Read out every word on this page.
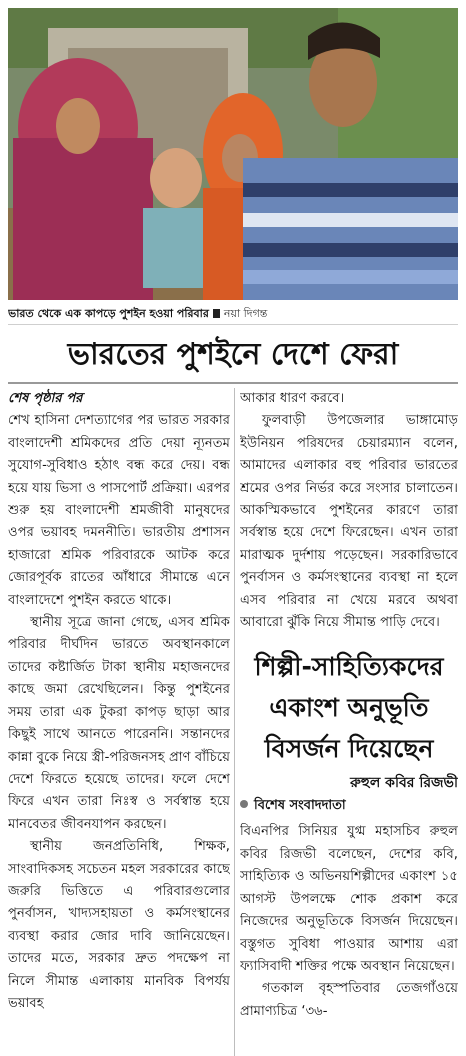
ভারত থেকে এক কাপড়ে পুশইন হওয়া পরিবার নয়া দিগন্ত
ভারতের পুশইনে দেশে ফেরা

শেষ পৃষ্ঠার পর

শেখ হাসিনা দেশত্যাগের পর ভারত সরকার বাংলাদেশী শ্রমিকদের প্রতি দেয়া ন্যূনতম সুযোগ-সুবিধাও হঠাৎ বন্ধ করে দেয়। বন্ধ হয়ে যায় ভিসা ও পাসপোর্ট প্রক্রিয়া। এরপর শুরু হয় বাংলাদেশী শ্রমজীবী মানুষদের ওপর ভয়াবহ দমননীতি। ভারতীয় প্রশাসন হাজারো শ্রমিক পরিবারকে আটক করে জোরপূর্বক রাতের আঁধারে সীমান্তে এনে বাংলাদেশে পুশইন করতে থাকে।

স্থানীয় সূত্রে জানা গেছে, এসব শ্রমিক পরিবার দীর্ঘদিন ভারতে অবস্থানকালে তাদের কষ্টার্জিত টাকা স্থানীয় মহাজনদের কাছে জমা রেখেছিলেন। কিন্তু পুশইনের সময় তারা এক টুকরা কাপড় ছাড়া আর কিছুই সাথে আনতে পারেননি। সন্তানদের কান্না বুকে নিয়ে স্ত্রী-পরিজনসহ প্রাণ বাঁচিয়ে দেশে ফিরতে হয়েছে তাদের। ফলে দেশে ফিরে এখন তারা নিঃস্ব ও সর্বস্বান্ত হয়ে মানবেতর জীবনযাপন করছেন।

স্থানীয় জনপ্রতিনিধি, শিক্ষক, সাংবাদিকসহ সচেতন মহল সরকারের কাছে জরুরি ভিত্তিতে এ পরিবারগুলোর পুনর্বাসন, খাদ্যসহায়তা ও কর্মসংস্থানের ব্যবস্থা করার জোর দাবি জানিয়েছেন। তাদের মতে, সরকার দ্রুত পদক্ষেপ না নিলে সীমান্ত এলাকায় মানবিক বিপর্যয় ভয়াবহ

আকার ধারণ করবে।

ফুলবাড়ী উপজেলার ভাঙ্গামোড় ইউনিয়ন পরিষদের চেয়ারম্যান বলেন, আমাদের এলাকার বহু পরিবার ভারতের শ্রমের ওপর নির্ভর করে সংসার চালাতেন। আকস্মিকভাবে পুশইনের কারণে তারা সর্বস্বান্ত হয়ে দেশে ফিরেছেন। এখন তারা মারাত্মক দুর্দশায় পড়েছেন। সরকারিভাবে পুনর্বাসন ও কর্মসংস্থানের ব্যবস্থা না হলে এসব পরিবার না খেয়ে মরবে অথবা আবারো ঝুঁকি নিয়ে সীমান্ত পাড়ি দেবে।

শিল্পী-সাহিত্যিকদের একাংশ অনুভূতি বিসর্জন দিয়েছেন
রুহুল কবির রিজভী
বিশেষ সংবাদদাতা

বিএনপির সিনিয়র যুগ্ম মহাসচিব রুহুল কবির রিজভী বলেছেন, দেশের কবি, সাহিত্যিক ও অভিনয়শিল্পীদের একাংশ ১৫ আগস্ট উপলক্ষে শোক প্রকাশ করে নিজেদের অনুভূতিকে বিসর্জন দিয়েছেন। বস্তুগত সুবিধা পাওয়ার আশায় এরা ফ্যাসিবাদী শক্তির পক্ষে অবস্থান নিয়েছেন।

গতকাল বৃহস্পতিবার তেজগাঁওয়ে প্রামাণ্যচিত্র ‘৩৬-
